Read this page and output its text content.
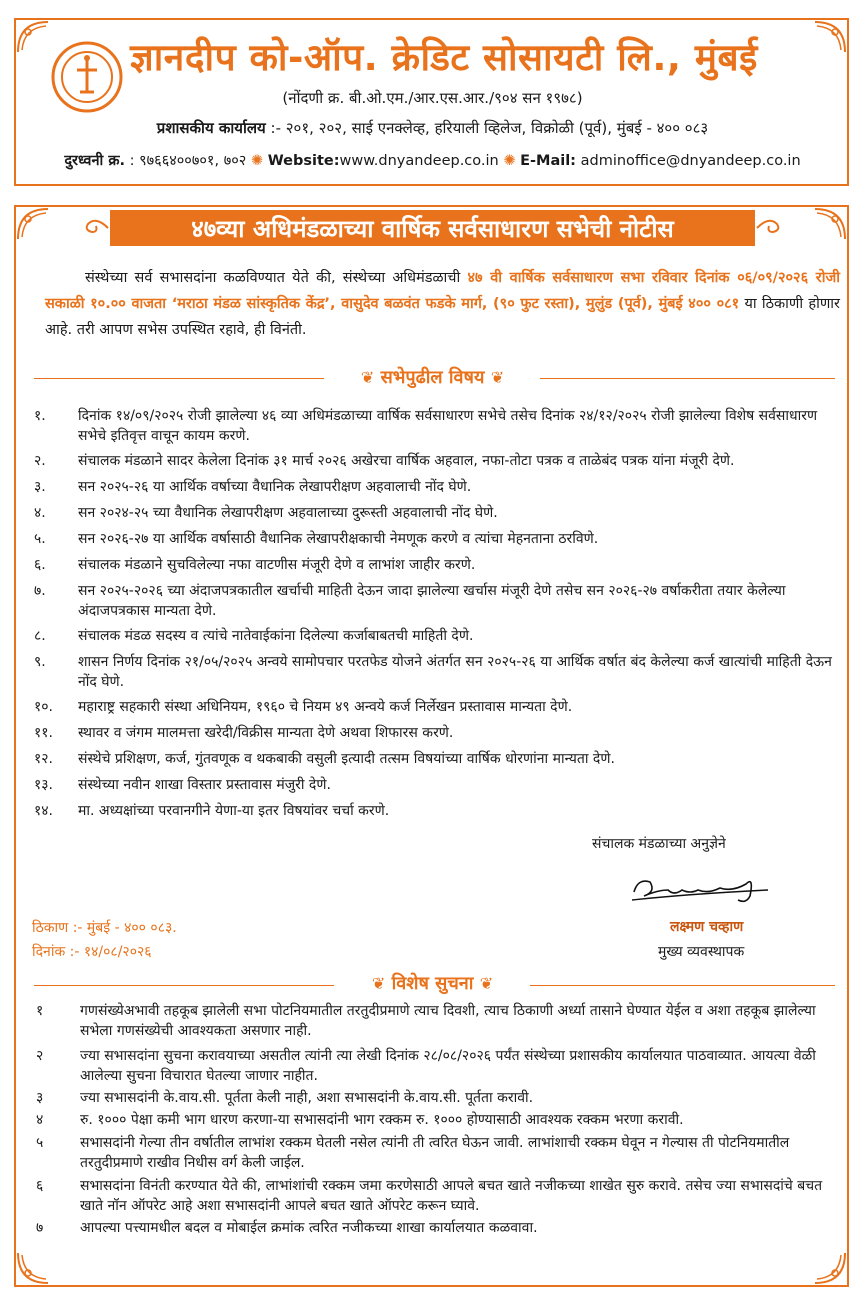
ज्ञानदीप को-ऑप. क्रेडिट सोसायटी लि., मुंबई
(नोंदणी क्र. बी.ओ.एम./आर.एस.आर./९०४ सन १९७८)
प्रशासकीय कार्यालय :- २०१, २०२, साई एनक्लेव्ह, हरियाली व्हिलेज, विक्रोळी (पूर्व), मुंबई - ४०० ०८३
दुरध्वनी क्र. : ९७६६४००७०१, ७०२ ✺ Website:www.dnyandeep.co.in ✺ E-Mail: adminoffice@dnyandeep.co.in
४७व्या अधिमंडळाच्या वार्षिक सर्वसाधारण सभेची नोटीस
संस्थेच्या सर्व सभासदांना कळविण्यात येते की, संस्थेच्या अधिमंडळाची ४७ वी वार्षिक सर्वसाधारण सभा रविवार दिनांक ०६/०९/२०२६ रोजी सकाळी १०.०० वाजता ‘मराठा मंडळ सांस्कृतिक केंद्र’, वासुदेव बळवंत फडके मार्ग, (९० फुट रस्ता), मुलुंड (पूर्व), मुंबई ४०० ०८१ या ठिकाणी होणार आहे. तरी आपण सभेस उपस्थित रहावे, ही विनंती.
❦ सभेपुढील विषय ❦
१. दिनांक १४/०९/२०२५ रोजी झालेल्या ४६ व्या अधिमंडळाच्या वार्षिक सर्वसाधारण सभेचे तसेच दिनांक २४/१२/२०२५ रोजी झालेल्या विशेष सर्वसाधारण सभेचे इतिवृत्त वाचून कायम करणे.
२. संचालक मंडळाने सादर केलेला दिनांक ३१ मार्च २०२६ अखेरचा वार्षिक अहवाल, नफा-तोटा पत्रक व ताळेबंद पत्रक यांना मंजूरी देणे.
३. सन २०२५-२६ या आर्थिक वर्षाच्या वैधानिक लेखापरीक्षण अहवालाची नोंद घेणे.
४. सन २०२४-२५ च्या वैधानिक लेखापरीक्षण अहवालाच्या दुरूस्ती अहवालाची नोंद घेणे.
५. सन २०२६-२७ या आर्थिक वर्षासाठी वैधानिक लेखापरीक्षकाची नेमणूक करणे व त्यांचा मेहनताना ठरविणे.
६. संचालक मंडळाने सुचविलेल्या नफा वाटणीस मंजूरी देणे व लाभांश जाहीर करणे.
७. सन २०२५-२०२६ च्या अंदाजपत्रकातील खर्चाची माहिती देऊन जादा झालेल्या खर्चास मंजूरी देणे तसेच सन २०२६-२७ वर्षाकरीता तयार केलेल्या अंदाजपत्रकास मान्यता देणे.
८. संचालक मंडळ सदस्य व त्यांचे नातेवाईकांना दिलेल्या कर्जाबाबतची माहिती देणे.
९. शासन निर्णय दिनांक २१/०५/२०२५ अन्वये सामोपचार परतफेड योजने अंतर्गत सन २०२५-२६ या आर्थिक वर्षात बंद केलेल्या कर्ज खात्यांची माहिती देऊन नोंद घेणे.
१०. महाराष्ट्र सहकारी संस्था अधिनियम, १९६० चे नियम ४९ अन्वये कर्ज निर्लेखन प्रस्तावास मान्यता देणे.
११. स्थावर व जंगम मालमत्ता खरेदी/विक्रीस मान्यता देणे अथवा शिफारस करणे.
१२. संस्थेचे प्रशिक्षण, कर्ज, गुंतवणूक व थकबाकी वसुली इत्यादी तत्सम विषयांच्या वार्षिक धोरणांना मान्यता देणे.
१३. संस्थेच्या नवीन शाखा विस्तार प्रस्तावास मंजुरी देणे.
१४. मा. अध्यक्षांच्या परवानगीने येणा-या इतर विषयांवर चर्चा करणे.
संचालक मंडळाच्या अनुज्ञेने
ठिकाण :- मुंबई - ४०० ०८३.
दिनांक :- १४/०८/२०२६
लक्ष्मण चव्हाण
मुख्य व्यवस्थापक
❦ विशेष सुचना ❦
१	गणसंख्येअभावी तहकूब झालेली सभा पोटनियमातील तरतुदीप्रमाणे त्याच दिवशी, त्याच ठिकाणी अर्ध्या तासाने घेण्यात येईल व अशा तहकूब झालेल्या सभेला गणसंख्येची आवश्यकता असणार नाही.
२	ज्या सभासदांना सुचना करावयाच्या असतील त्यांनी त्या लेखी दिनांक २८/०८/२०२६ पर्यंत संस्थेच्या प्रशासकीय कार्यालयात पाठवाव्यात. आयत्या वेळी आलेल्या सुचना विचारात घेतल्या जाणार नाहीत.
३	ज्या सभासदांनी के.वाय.सी. पूर्तता केली नाही, अशा सभासदांनी के.वाय.सी. पूर्तता करावी.
४	रु. १००० पेक्षा कमी भाग धारण करणा-या सभासदांनी भाग रक्कम रु. १००० होण्यासाठी आवश्यक रक्कम भरणा करावी.
५	सभासदांनी गेल्या तीन वर्षातील लाभांश रक्कम घेतली नसेल त्यांनी ती त्वरित घेऊन जावी. लाभांशाची रक्कम घेवून न गेल्यास ती पोटनियमातील तरतुदीप्रमाणे राखीव निधीस वर्ग केली जाईल.
६	सभासदांना विनंती करण्यात येते की, लाभांशांची रक्कम जमा करणेसाठी आपले बचत खाते नजीकच्या शाखेत सुरु करावे. तसेच ज्या सभासदांचे बचत खाते नॉन ऑपरेट आहे अशा सभासदांनी आपले बचत खाते ऑपरेट करून घ्यावे.
७	आपल्या पत्त्यामधील बदल व मोबाईल क्रमांक त्वरित नजीकच्या शाखा कार्यालयात कळवावा.
